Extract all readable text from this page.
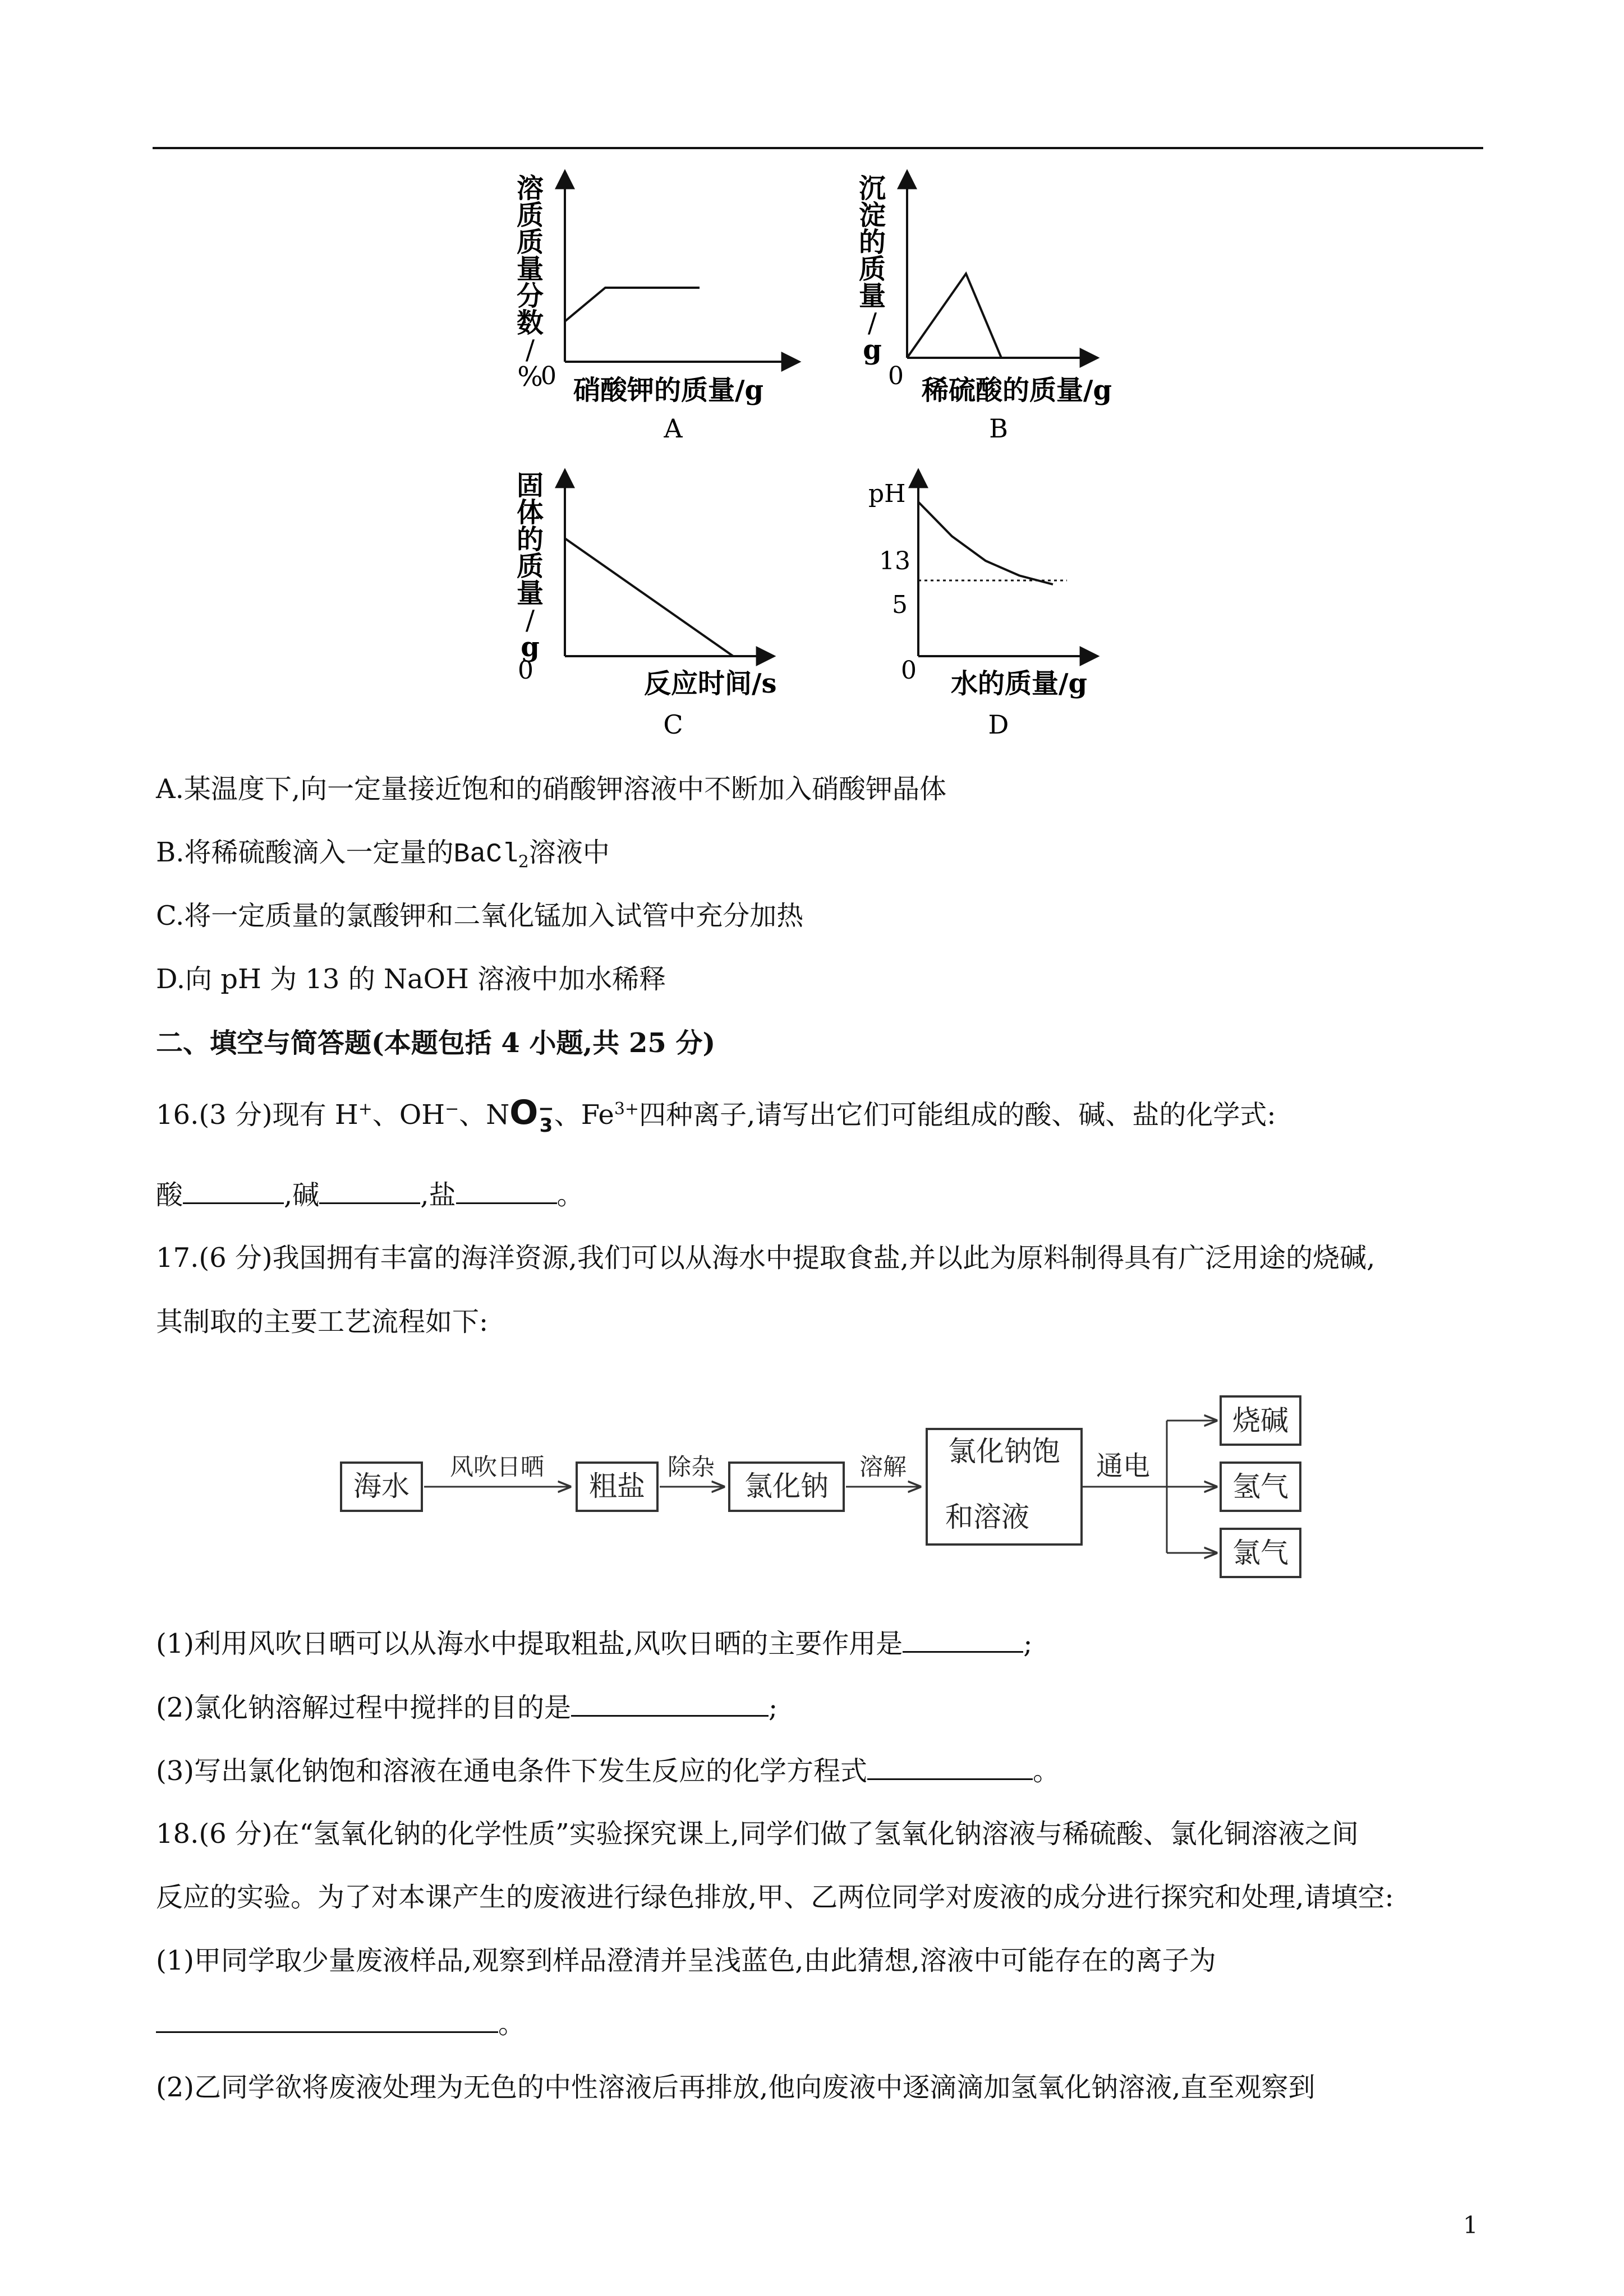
溶质质量分数/ %
0 硝酸钾的质量/g
A
沉淀的质量/ g
0 稀硫酸的质量/g
B
固体的质量/ g
0	反应时间/s
C
pH
13
5
0 水的质量/g
D
A.某温度下,向一定量接近饱和的硝酸钾溶液中不断加入硝酸钾晶体
B.将稀硫酸滴入一定量的BaCl$_2$溶液中
C.将一定质量的氯酸钾和二氧化锰加入试管中充分加热
D.向 pH 为 13 的 NaOH 溶液中加水稀释
二、填空与简答题(本题包括 4 小题,共 25 分)
16.(3 分)现有 H+、OH−、NO−
3、$Fe^{3+}$四种离子,请写出它们可能组成的酸、碱、盐的化学式:
酸	,碱	,盐	。
17.(6 分)我国拥有丰富的海洋资源,我们可以从海水中提取食盐,并以此为原料制得具有广泛用途的烧碱,
其制取的主要工艺流程如下:
海水
风吹日晒
粗盐
除杂
氯化钠
溶解 氯化钠饱
和溶液
通电
烧碱
氢气
氯气
(1)利用风吹日晒可以从海水中提取粗盐,风吹日晒的主要作用是	;
(2)氯化钠溶解过程中搅拌的目的是	;
(3)写出氯化钠饱和溶液在通电条件下发生反应的化学方程式	。
18.(6 分)在“氢氧化钠的化学性质”实验探究课上,同学们做了氢氧化钠溶液与稀硫酸、氯化铜溶液之间
反应的实验。为了对本课产生的废液进行绿色排放,甲、乙两位同学对废液的成分进行探究和处理,请填空:
(1)甲同学取少量废液样品,观察到样品澄清并呈浅蓝色,由此猜想,溶液中可能存在的离子为
。
(2)乙同学欲将废液处理为无色的中性溶液后再排放,他向废液中逐滴滴加氢氧化钠溶液,直至观察到
1
